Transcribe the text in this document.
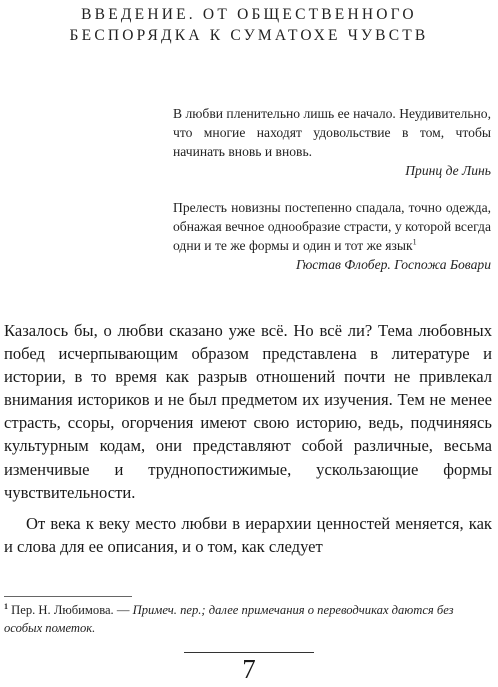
ВВЕДЕНИЕ. ОТ ОБЩЕСТВЕННОГО
БЕСПОРЯДКА К СУМАТОХЕ ЧУВСТВ
В любви пленительно лишь ее начало. Неудивительно, что многие находят удовольствие в том, чтобы начинать вновь и вновь.
Принц де Линь
Прелесть новизны постепенно спадала, точно одежда, обнажая вечное однообразие страсти, у которой всегда одни и те же формы и один и тот же язык$^1$
Гюстав Флобер. Госпожа Бовари

Казалось бы, о любви сказано уже всё. Но всё ли? Тема любовных побед исчерпывающим образом представлена в литературе и истории, в то время как разрыв отношений почти не привлекал внимания историков и не был предметом их изучения. Тем не менее страсть, ссоры, огорчения имеют свою историю, ведь, подчиняясь культурным кодам, они представляют собой различные, весьма изменчивые и труднопостижимые, ускользающие формы чувствительности.

От века к веку место любви в иерархии ценностей меняется, как и слова для ее описания, и о том, как следует

$^1$ Пер. Н. Любимова. — Примеч. пер.; далее примечания о переводчиках даются без особых пометок.
7
